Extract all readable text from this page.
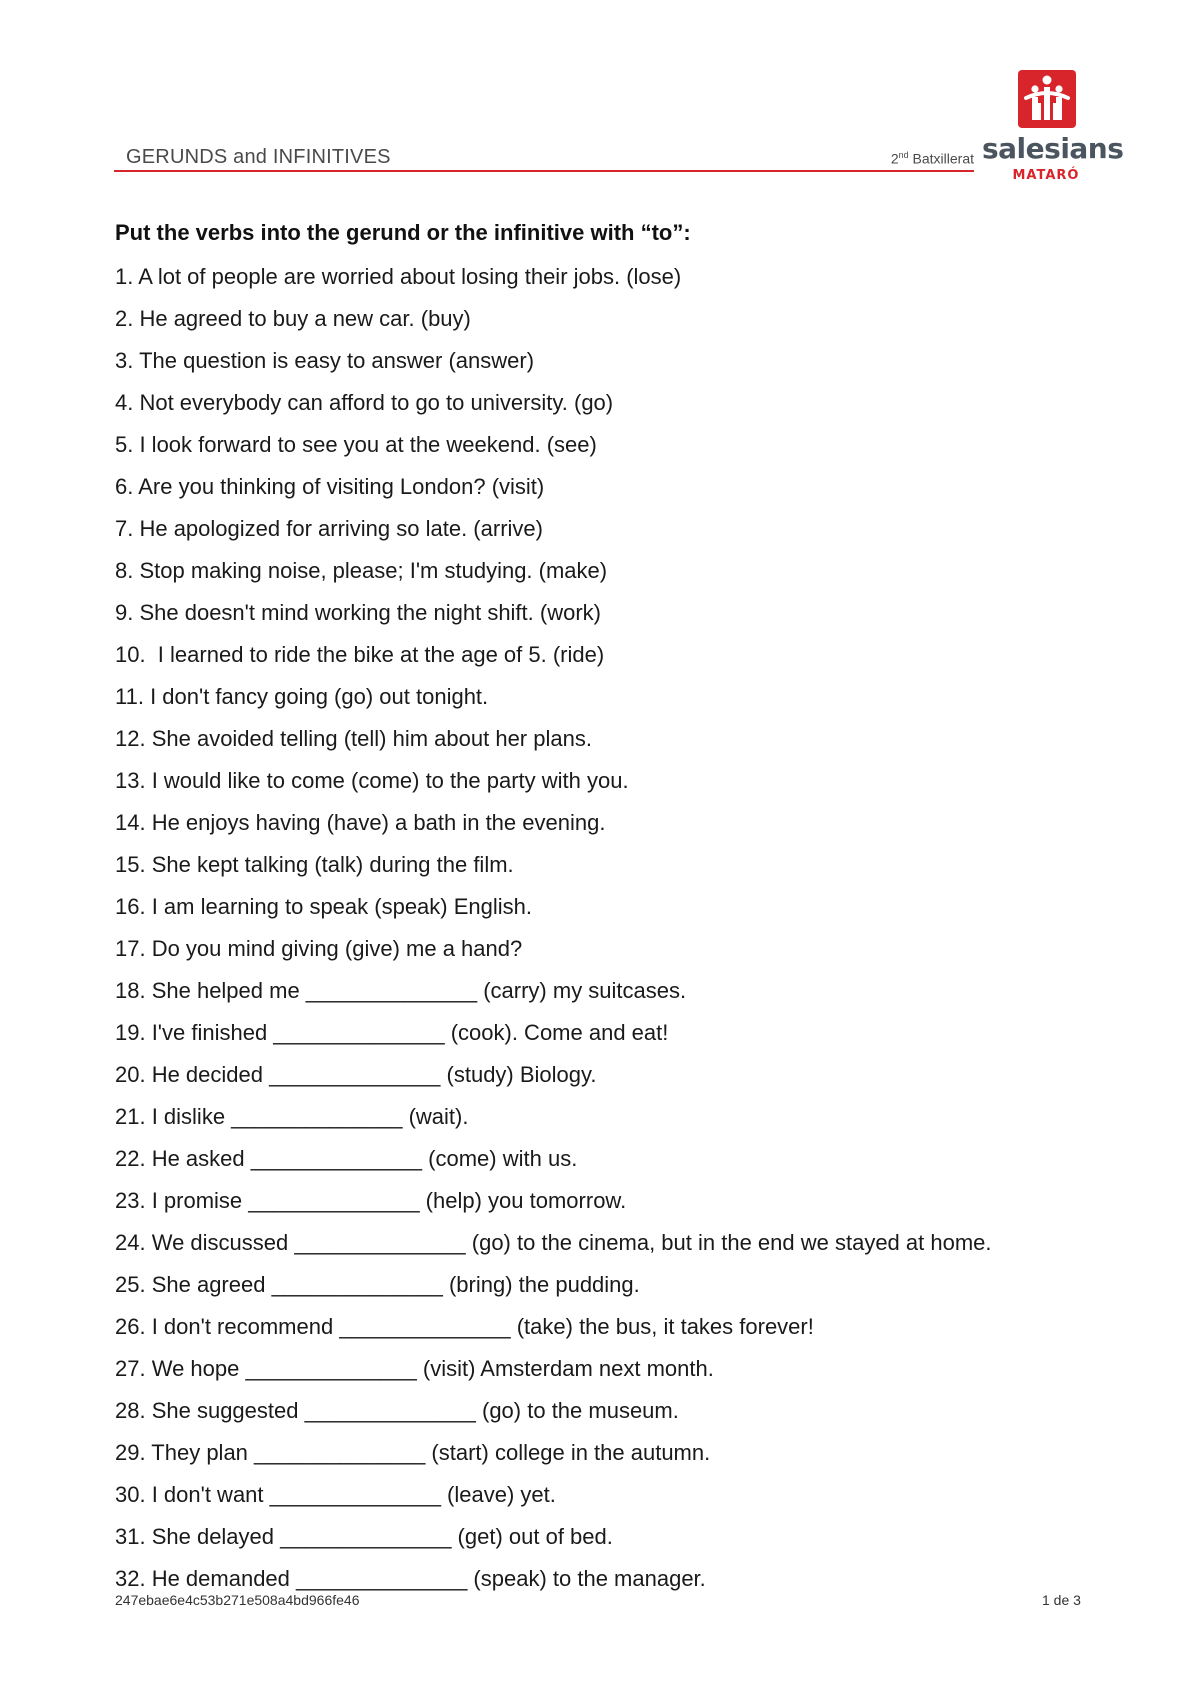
GERUNDS and INFINITIVES	2nd Batxillerat salesians
MATARÓ
Put the verbs into the gerund or the infinitive with “to”:
1. A lot of people are worried about losing their jobs. (lose)
2. He agreed to buy a new car. (buy)
3. The question is easy to answer (answer)
4. Not everybody can afford to go to university. (go)
5. I look forward to see you at the weekend. (see)
6. Are you thinking of visiting London? (visit)
7. He apologized for arriving so late. (arrive)
8. Stop making noise, please; I'm studying. (make)
9. She doesn't mind working the night shift. (work)
10.  I learned to ride the bike at the age of 5. (ride)
11. I don't fancy going (go) out tonight.
12. She avoided telling (tell) him about her plans.
13. I would like to come (come) to the party with you.
14. He enjoys having (have) a bath in the evening.
15. She kept talking (talk) during the film.
16. I am learning to speak (speak) English.
17. Do you mind giving (give) me a hand?
18. She helped me ______________ (carry) my suitcases.
19. I've finished ______________ (cook). Come and eat!
20. He decided ______________ (study) Biology.
21. I dislike ______________ (wait).
22. He asked ______________ (come) with us.
23. I promise ______________ (help) you tomorrow.
24. We discussed ______________ (go) to the cinema, but in the end we stayed at home.
25. She agreed ______________ (bring) the pudding.
26. I don't recommend ______________ (take) the bus, it takes forever!
27. We hope ______________ (visit) Amsterdam next month.
28. She suggested ______________ (go) to the museum.
29. They plan ______________ (start) college in the autumn.
30. I don't want ______________ (leave) yet.
31. She delayed ______________ (get) out of bed.
32. He demanded ______________ (speak) to the manager.
247ebae6e4c53b271e508a4bd966fe46	1 de 3
